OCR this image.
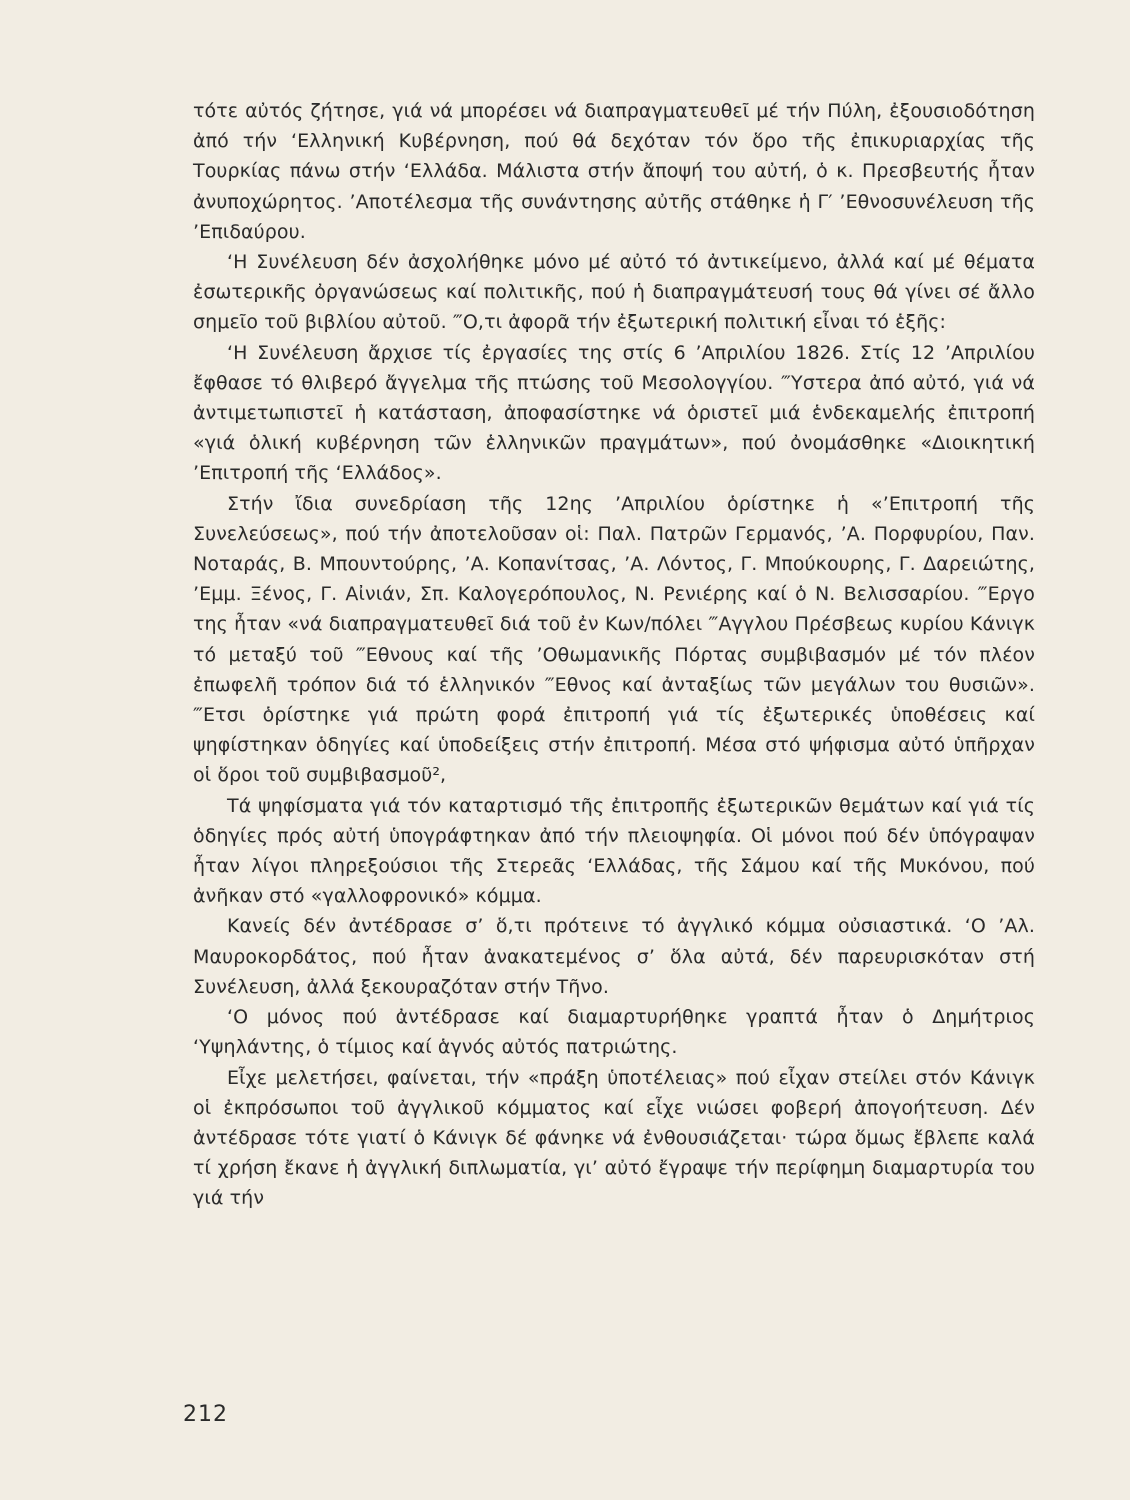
τότε αὐτός ζήτησε, γιά νά μπορέσει νά διαπραγματευθεῖ μέ τήν Πύλη, ἐξουσιοδότηση ἀπό τήν ‘Ελληνική Κυβέρνηση, πού θά δεχόταν τόν ὅρο τῆς ἐπικυριαρχίας τῆς Τουρκίας πάνω στήν ‘Ελλάδα. Μάλιστα στήν ἄποψή του αὐτή, ὁ κ. Πρεσβευτής ἦταν ἀνυποχώρητος. ’Αποτέλεσμα τῆς συνάντησης αὐτῆς στάθηκε ἡ Γ′ ’Εθνοσυνέλευση τῆς ’Επιδαύρου.

‘Η Συνέλευση δέν ἀσχολήθηκε μόνο μέ αὐτό τό ἀντικείμενο, ἀλλά καί μέ θέματα ἐσωτερικῆς ὀργανώσεως καί πολιτικῆς, πού ἡ διαπραγμάτευσή τους θά γίνει σέ ἄλλο σημεῖο τοῦ βιβλίου αὐτοῦ. ‴Ο,τι ἀφορᾶ τήν ἐξωτερική πολιτική εἶναι τό ἑξῆς:

‘Η Συνέλευση ἄρχισε τίς ἐργασίες της στίς 6 ’Απριλίου 1826. Στίς 12 ’Απριλίου ἔφθασε τό θλιβερό ἄγγελμα τῆς πτώσης τοῦ Μεσολογγίου. ‴Υστερα ἀπό αὐτό, γιά νά ἀντιμετωπιστεῖ ἡ κατάσταση, ἀποφασίστηκε νά ὁριστεῖ μιά ἑνδεκαμελής ἐπιτροπή «γιά ὁλική κυβέρνηση τῶν ἑλληνικῶν πραγμάτων», πού ὀνομάσθηκε «Διοικητική ’Επιτροπή τῆς ‘Ελλάδος».

Στήν ἴδια συνεδρίαση τῆς 12ης ’Απριλίου ὁρίστηκε ἡ «’Επιτροπή τῆς Συνελεύσεως», πού τήν ἀποτελοῦσαν οἱ: Παλ. Πατρῶν Γερμανός, ’Α. Πορφυρίου, Παν. Νοταράς, Β. Μπουντούρης, ’Α. Κοπανίτσας, ’Α. Λόντος, Γ. Μπούκουρης, Γ. Δαρειώτης, ’Εμμ. Ξένος, Γ. Αἰνιάν, Σπ. Καλογερόπουλος, Ν. Ρενιέρης καί ὁ Ν. Βελισσαρίου. ‴Εργο της ἦταν «νά διαπραγματευθεῖ διά τοῦ ἐν Κων/πόλει ‴Αγγλου Πρέσβεως κυρίου Κάνιγκ τό μεταξύ τοῦ ‴Εθνους καί τῆς ’Οθωμανικῆς Πόρτας συμβιβασμόν μέ τόν πλέον ἐπωφελῆ τρόπον διά τό ἑλληνικόν ‴Εθνος καί ἀνταξίως τῶν μεγάλων του θυσιῶν». ‴Ετσι ὁρίστηκε γιά πρώτη φορά ἐπιτροπή γιά τίς ἐξωτερικές ὑποθέσεις καί ψηφίστηκαν ὁδηγίες καί ὑποδείξεις στήν ἐπιτροπή. Μέσα στό ψήφισμα αὐτό ὑπῆρχαν οἱ ὅροι τοῦ συμβιβασμοῦ²,

Τά ψηφίσματα γιά τόν καταρτισμό τῆς ἐπιτροπῆς ἐξωτερικῶν θεμάτων καί γιά τίς ὁδηγίες πρός αὐτή ὑπογράφτηκαν ἀπό τήν πλειοψηφία. Οἱ μόνοι πού δέν ὑπόγραψαν ἦταν λίγοι πληρεξούσιοι τῆς Στερεᾶς ‘Ελλάδας, τῆς Σάμου καί τῆς Μυκόνου, πού ἀνῆκαν στό «γαλλοφρονικό» κόμμα.

Κανείς δέν ἀντέδρασε σ’ ὅ,τι πρότεινε τό ἀγγλικό κόμμα οὐσιαστικά. ‘Ο ’Αλ. Μαυροκορδάτος, πού ἦταν ἀνακατεμένος σ’ ὅλα αὐτά, δέν παρευρισκόταν στή Συνέλευση, ἀλλά ξεκουραζόταν στήν Τῆνο.

‘Ο μόνος πού ἀντέδρασε καί διαμαρτυρήθηκε γραπτά ἦταν ὁ Δημήτριος ‘Υψηλάντης, ὁ τίμιος καί ἁγνός αὐτός πατριώτης.

Εἶχε μελετήσει, φαίνεται, τήν «πράξη ὑποτέλειας» πού εἶχαν στείλει στόν Κάνιγκ οἱ ἐκπρόσωποι τοῦ ἀγγλικοῦ κόμματος καί εἶχε νιώσει φοβερή ἀπογοήτευση. Δέν ἀντέδρασε τότε γιατί ὁ Κάνιγκ δέ φάνηκε νά ἐνθουσιάζεται· τώρα ὅμως ἔβλεπε καλά τί χρήση ἔκανε ἡ ἀγγλική διπλωματία, γι’ αὐτό ἔγραψε τήν περίφημη διαμαρτυρία του γιά τήν

212
